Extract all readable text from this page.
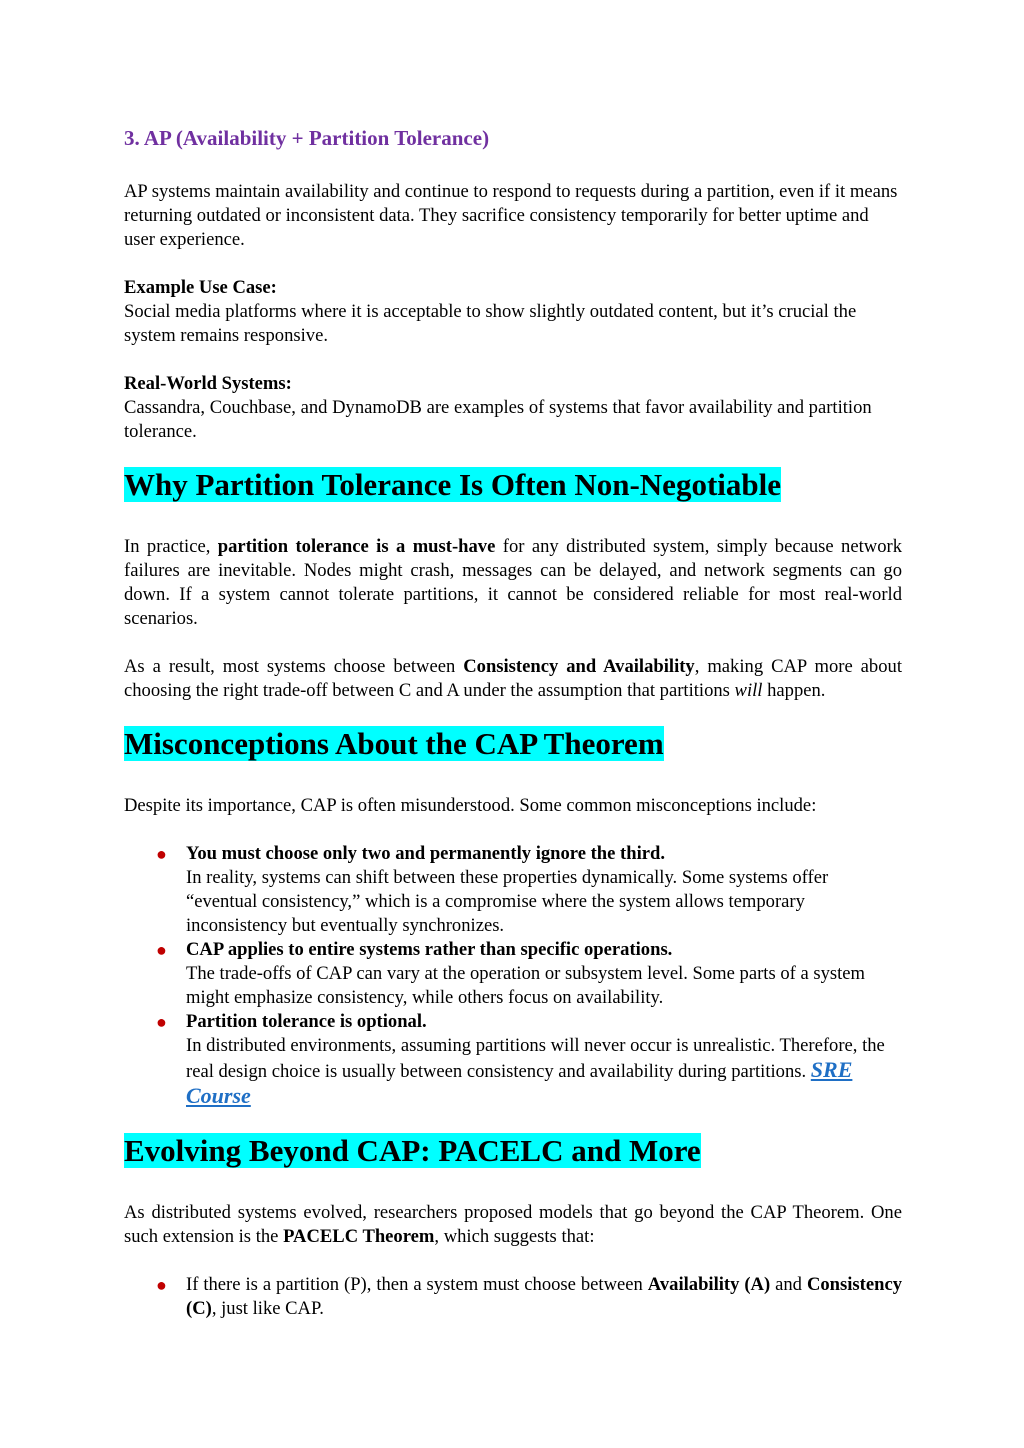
3. AP (Availability + Partition Tolerance)

AP systems maintain availability and continue to respond to requests during a partition, even if it means returning outdated or inconsistent data. They sacrifice consistency temporarily for better uptime and user experience.

Example Use Case:

Social media platforms where it is acceptable to show slightly outdated content, but it’s crucial the system remains responsive.

Real-World Systems:

Cassandra, Couchbase, and DynamoDB are examples of systems that favor availability and partition tolerance.

Why Partition Tolerance Is Often Non-Negotiable

In practice, partition tolerance is a must-have for any distributed system, simply because network failures are inevitable. Nodes might crash, messages can be delayed, and network segments can go down. If a system cannot tolerate partitions, it cannot be considered reliable for most real-world scenarios.

As a result, most systems choose between Consistency and Availability, making CAP more about choosing the right trade-off between C and A under the assumption that partitions will happen.

Misconceptions About the CAP Theorem

Despite its importance, CAP is often misunderstood. Some common misconceptions include:

● You must choose only two and permanently ignore the third.
In reality, systems can shift between these properties dynamically. Some systems offer “eventual consistency,” which is a compromise where the system allows temporary inconsistency but eventually synchronizes.
● CAP applies to entire systems rather than specific operations.
The trade-offs of CAP can vary at the operation or subsystem level. Some parts of a system might emphasize consistency, while others focus on availability.
● Partition tolerance is optional.
In distributed environments, assuming partitions will never occur is unrealistic. Therefore, the real design choice is usually between consistency and availability during partitions. SRE Course
Evolving Beyond CAP: PACELC and More

As distributed systems evolved, researchers proposed models that go beyond the CAP Theorem. One such extension is the PACELC Theorem, which suggests that:

● If there is a partition (P), then a system must choose between Availability (A) and Consistency (C), just like CAP.
